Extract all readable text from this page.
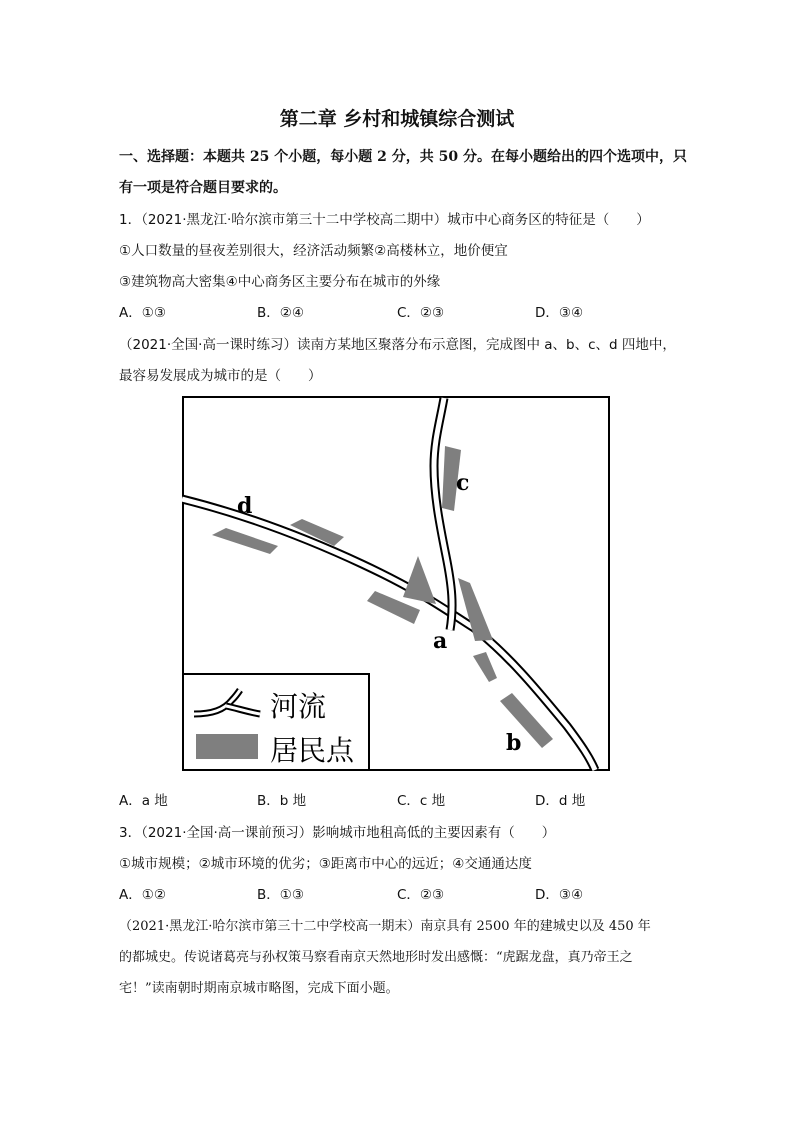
第二章 乡村和城镇综合测试
一、选择题：本题共 25 个小题，每小题 2 分，共 50 分。在每小题给出的四个选项中，只
有一项是符合题目要求的。
1．（2021·黑龙江·哈尔滨市第三十二中学校高二期中）城市中心商务区的特征是（　　）
①人口数量的昼夜差别很大，经济活动频繁②高楼林立，地价便宜
③建筑物高大密集④中心商务区主要分布在城市的外缘
A．①③	B．②④	C．②③	D．③④
（2021·全国·高一课时练习）读南方某地区聚落分布示意图，完成图中 a、b、c、d 四地中，
最容易发展成为城市的是（　　）
d
c
a
b
河流
居民点
A．a 地	B．b 地	C．c 地	D．d 地
3．（2021·全国·高一课前预习）影响城市地租高低的主要因素有（　　）
①城市规模；②城市环境的优劣；③距离市中心的远近；④交通通达度
A．①②	B．①③	C．②③	D．③④
（2021·黑龙江·哈尔滨市第三十二中学校高一期末）南京具有 2500 年的建城史以及 450 年
的都城史。传说诸葛亮与孙权策马察看南京天然地形时发出感慨：“虎踞龙盘，真乃帝王之
宅！”读南朝时期南京城市略图，完成下面小题。
